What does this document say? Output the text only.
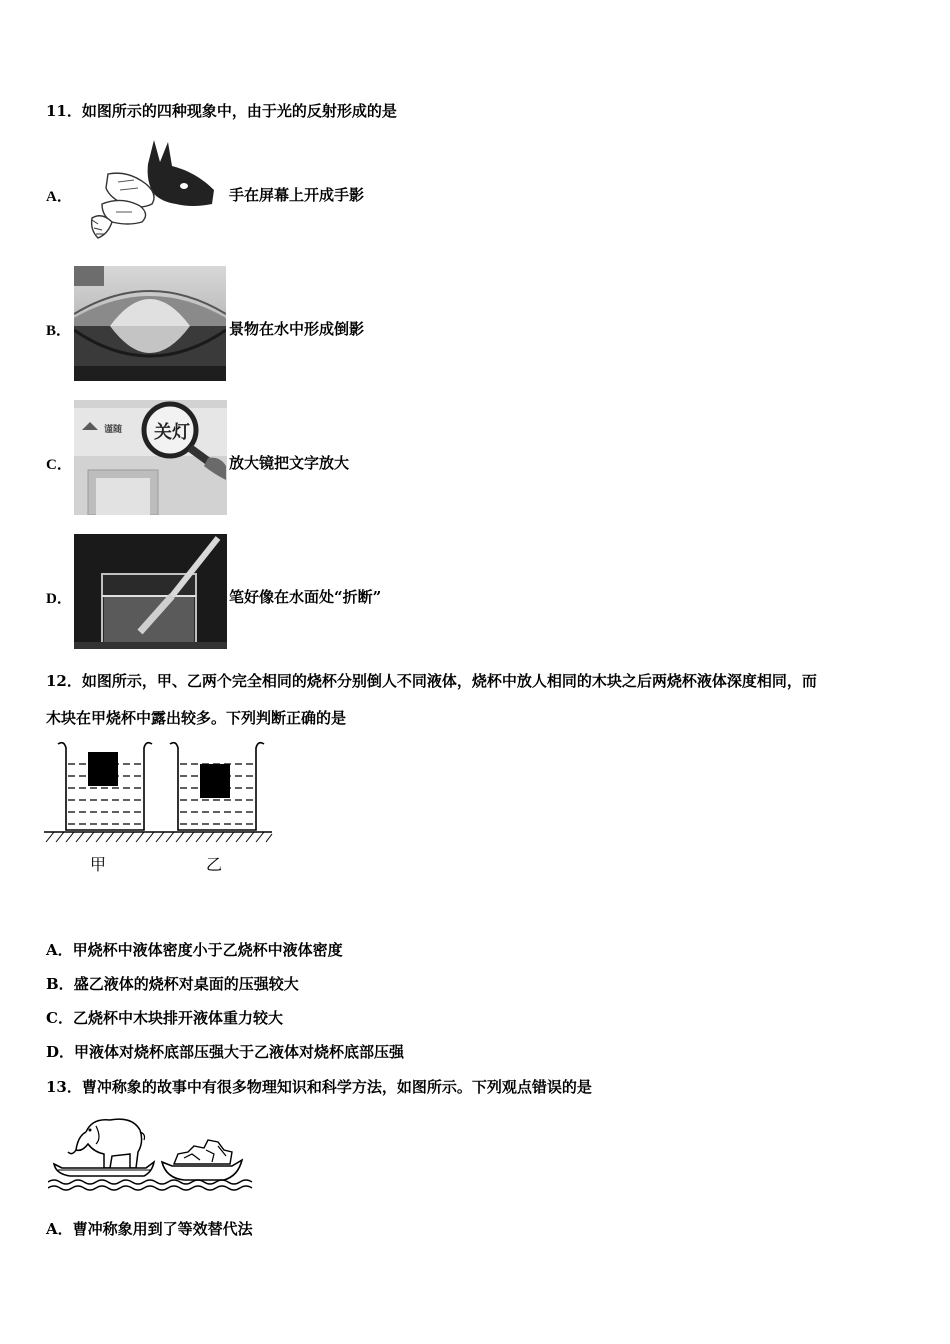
11．如图所示的四种现象中，由于光的反射形成的是
A．	手在屏幕上开成手影
B．	景物在水中形成倒影
C．
谨随 关灯
放大镜把文字放大
D．	笔好像在水面处“折断”
12．如图所示，甲、乙两个完全相同的烧杯分别倒人不同液体，烧杯中放人相同的木块之后两烧杯液体深度相同，而
木块在甲烧杯中露出较多。下列判断正确的是
甲	乙
A．甲烧杯中液体密度小于乙烧杯中液体密度
B．盛乙液体的烧杯对桌面的压强较大
C．乙烧杯中木块排开液体重力较大
D．甲液体对烧杯底部压强大于乙液体对烧杯底部压强
13．曹冲称象的故事中有很多物理知识和科学方法，如图所示。下列观点错误的是
A．曹冲称象用到了等效替代法
